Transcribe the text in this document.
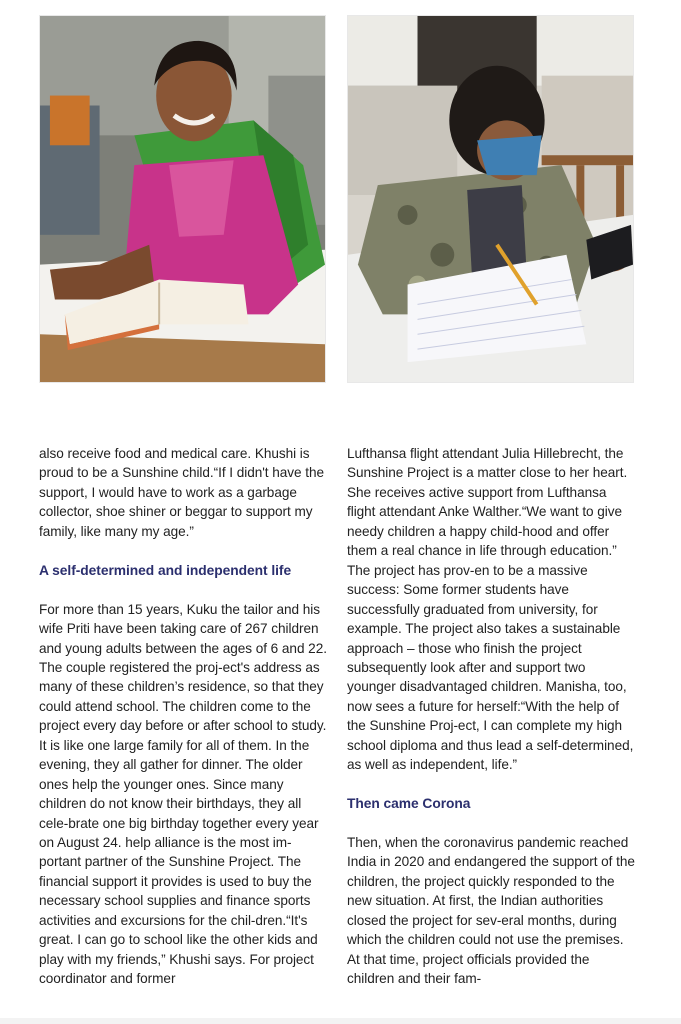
also receive food and medical care. Khushi is proud to be a Sunshine child.“If I didn't have the support, I would have to work as a garbage collector, shoe shiner or beggar to support my family, like many my age.”

A self-determined and independent life

For more than 15 years, Kuku the tailor and his wife Priti have been taking care of 267 children and young adults between the ages of 6 and 22. The couple registered the proj-ect's address as many of these children’s residence, so that they could attend school. The children come to the project every day before or after school to study. It is like one large family for all of them. In the evening, they all gather for dinner. The older ones help the younger ones. Since many children do not know their birthdays, they all cele-brate one big birthday together every year on August 24. help alliance is the most im-portant partner of the Sunshine Project. The financial support it provides is used to buy the necessary school supplies and finance sports activities and excursions for the chil-dren.“It's great. I can go to school like the other kids and play with my friends,” Khushi says. For project coordinator and former

Lufthansa flight attendant Julia Hillebrecht, the Sunshine Project is a matter close to her heart. She receives active support from Lufthansa flight attendant Anke Walther.“We want to give needy children a happy child-hood and offer them a real chance in life through education.” The project has prov-en to be a massive success: Some former students have successfully graduated from university, for example. The project also takes a sustainable approach – those who finish the project subsequently look after and support two younger disadvantaged children. Manisha, too, now sees a future for herself:“With the help of the Sunshine Proj-ect, I can complete my high school diploma and thus lead a self-determined, as well as independent, life.”

Then came Corona

Then, when the coronavirus pandemic reached India in 2020 and endangered the support of the children, the project quickly responded to the new situation. At first, the Indian authorities closed the project for sev-eral months, during which the children could not use the premises. At that time, project officials provided the children and their fam-
